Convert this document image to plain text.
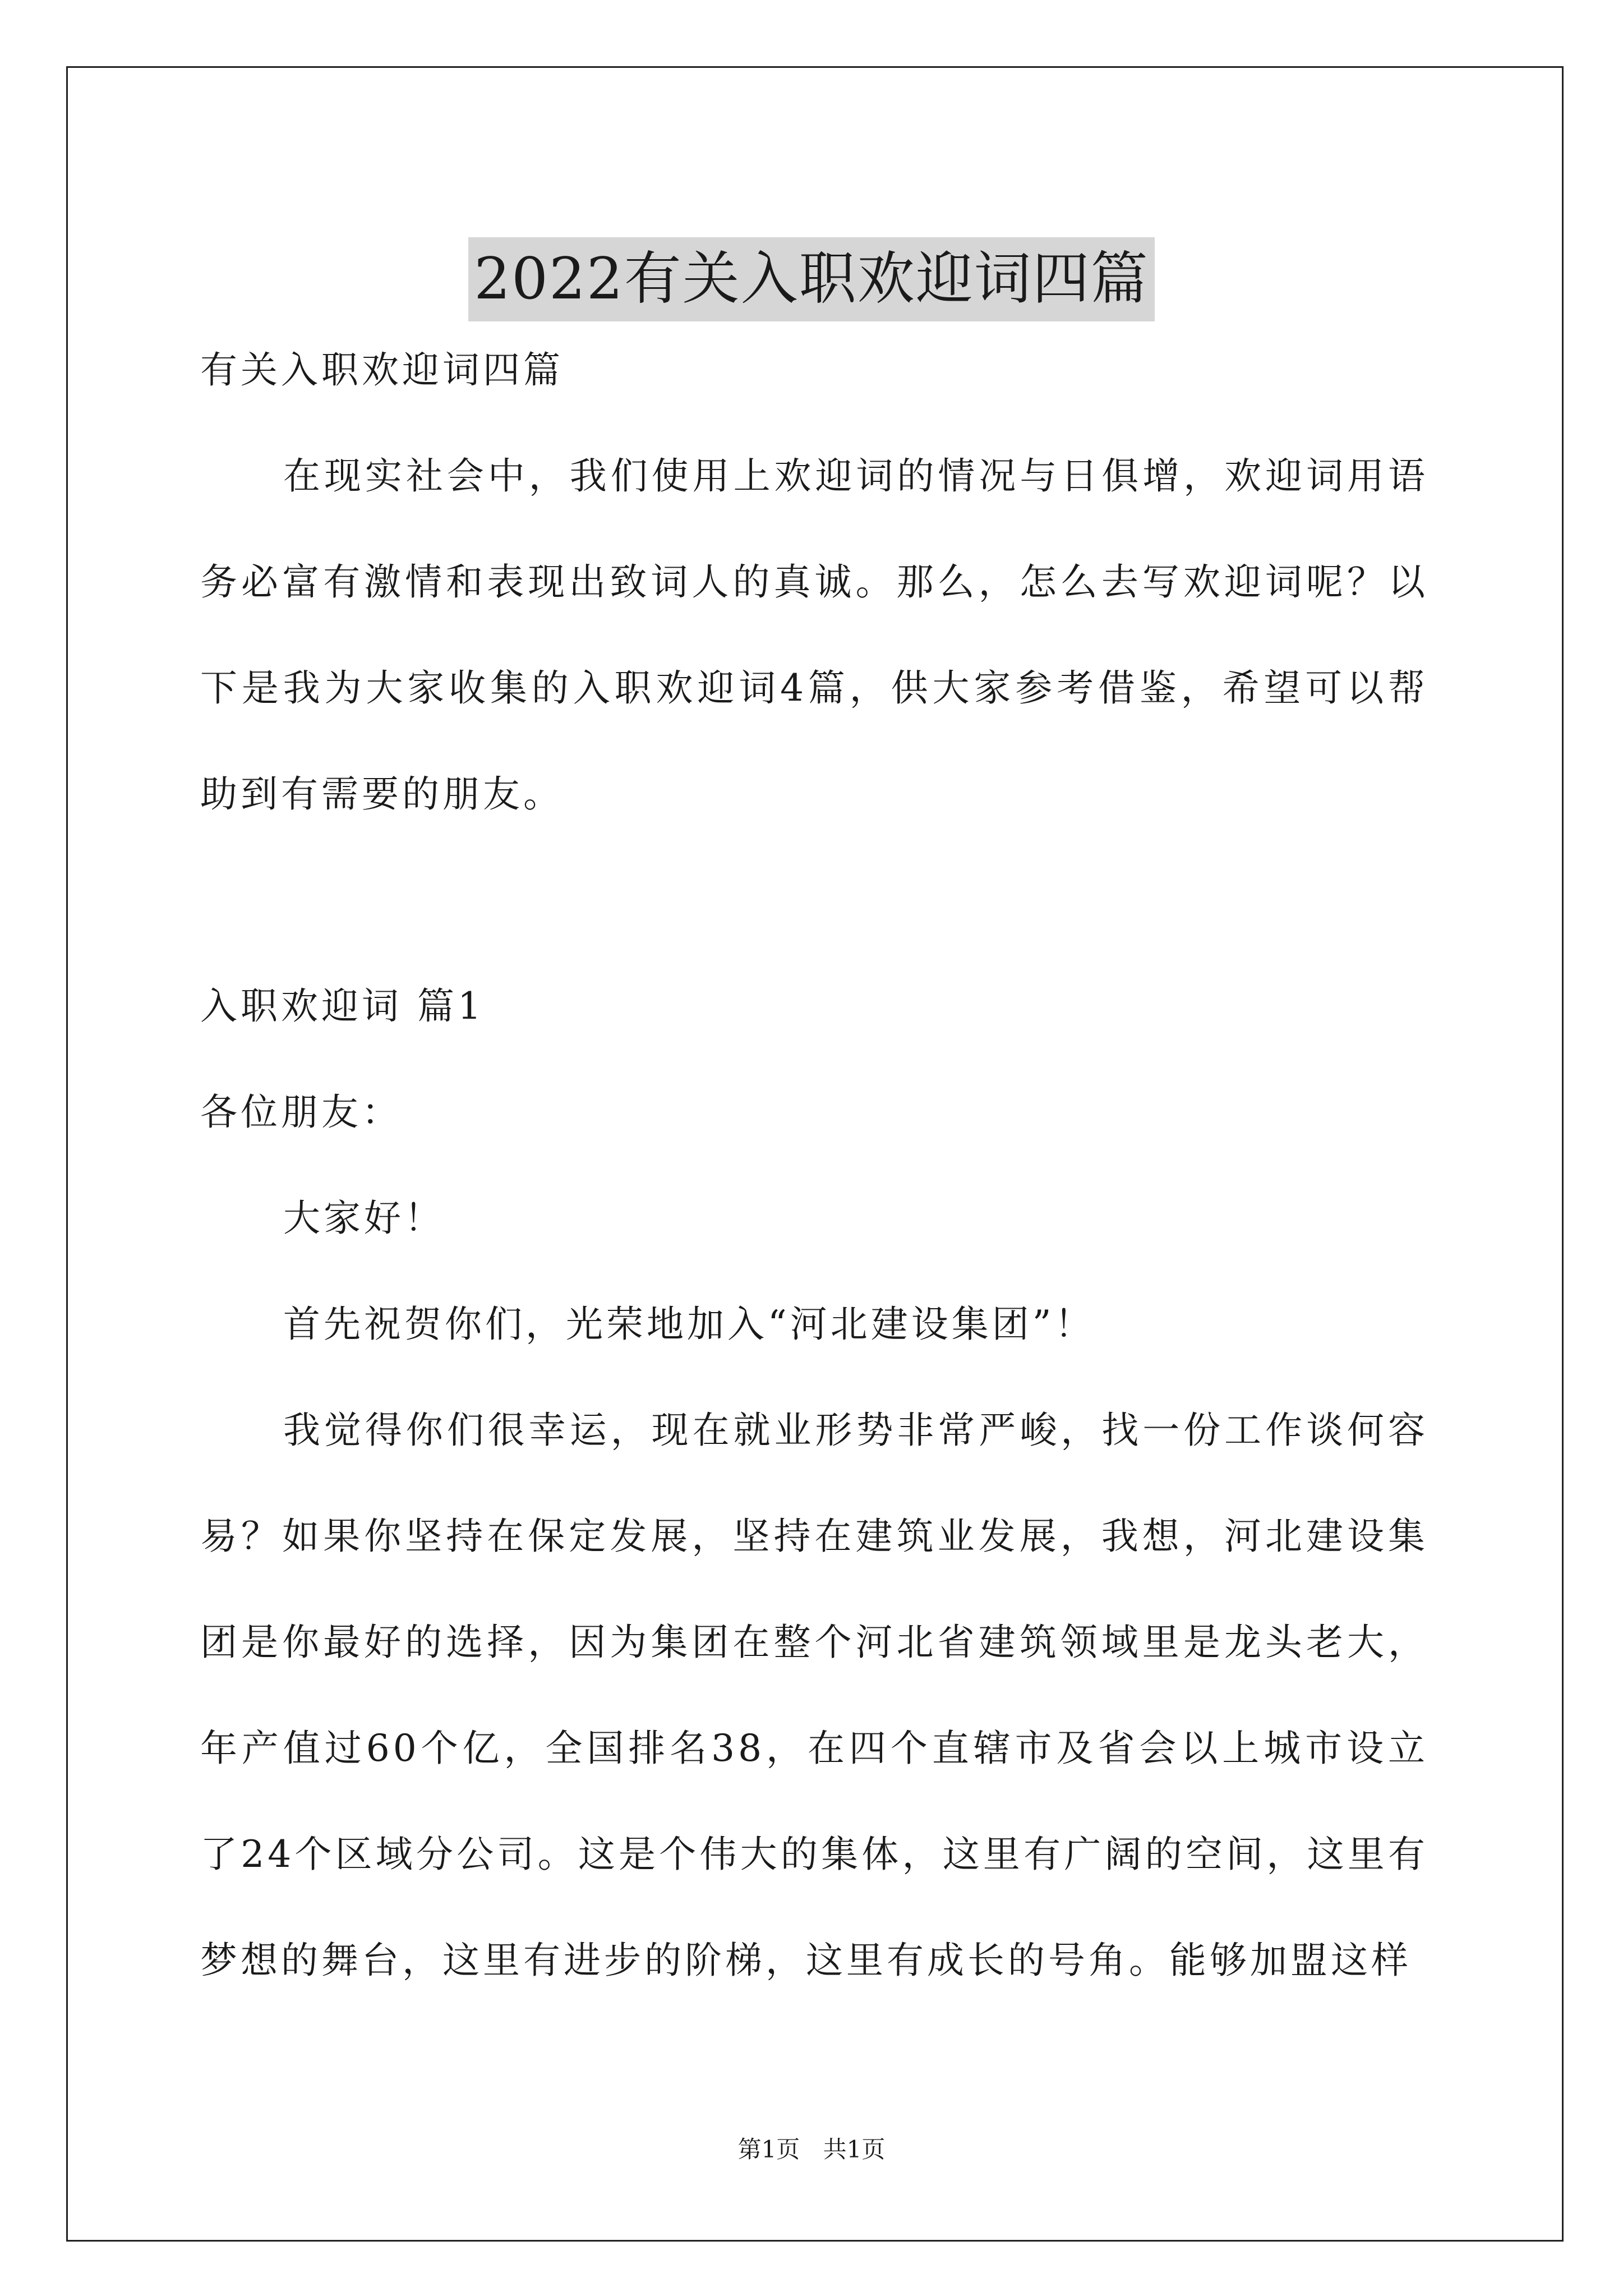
2022有关入职欢迎词四篇

有关入职欢迎词四篇

在现实社会中，我们使用上欢迎词的情况与日俱增，欢迎词用语务必富有激情和表现出致词人的真诚。那么，怎么去写欢迎词呢？以下是我为大家收集的入职欢迎词4篇，供大家参考借鉴，希望可以帮助到有需要的朋友。

入职欢迎词 篇1

各位朋友：

大家好！

首先祝贺你们，光荣地加入“河北建设集团”！

我觉得你们很幸运，现在就业形势非常严峻，找一份工作谈何容易？如果你坚持在保定发展，坚持在建筑业发展，我想，河北建设集团是你最好的选择，因为集团在整个河北省建筑领域里是龙头老大，年产值过60个亿，全国排名38，在四个直辖市及省会以上城市设立了24个区域分公司。这是个伟大的集体，这里有广阔的空间，这里有梦想的舞台，这里有进步的阶梯，这里有成长的号角。能够加盟这样

第1页 共1页
